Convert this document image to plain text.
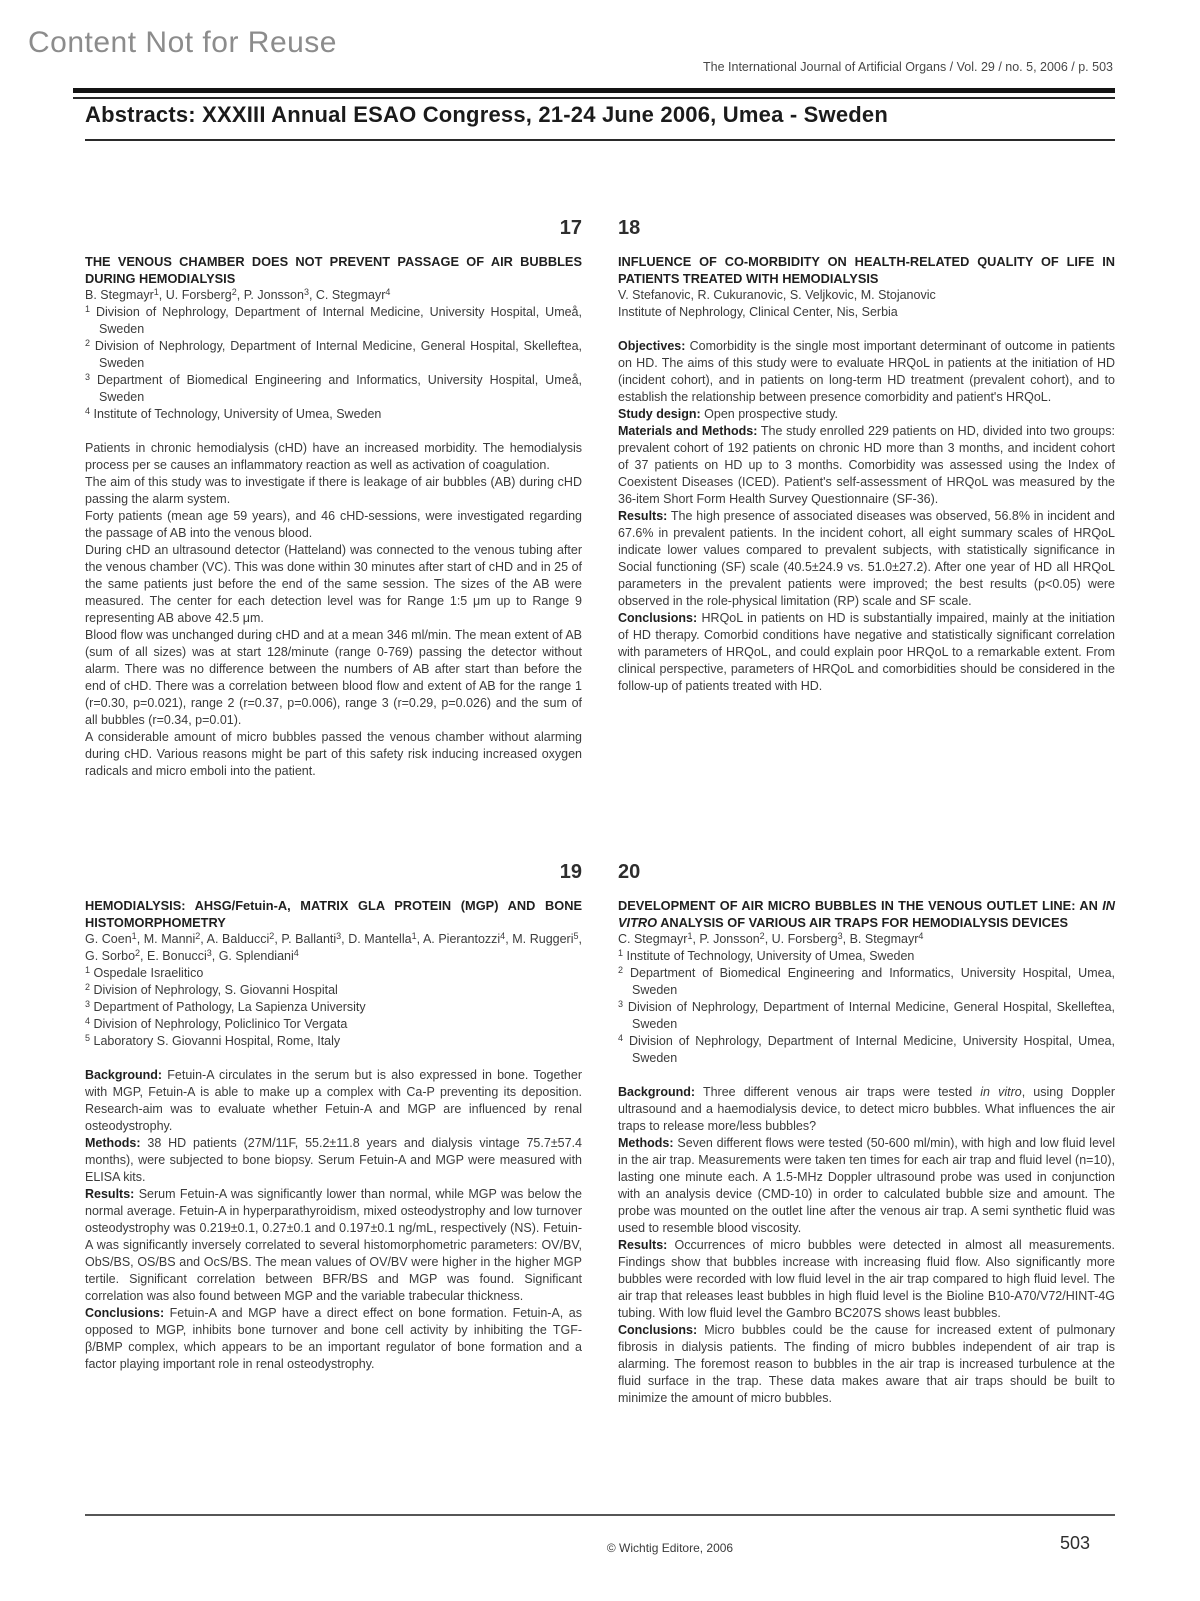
Content Not for Reuse
The International Journal of Artificial Organs / Vol. 29 / no. 5, 2006 / p. 503
Abstracts: XXXIII Annual ESAO Congress, 21-24 June 2006, Umea - Sweden
17
THE VENOUS CHAMBER DOES NOT PREVENT PASSAGE OF AIR BUBBLES DURING HEMODIALYSIS
B. Stegmayr$^1$, U. Forsberg$^2$, P. Jonsson$^3$, C. Stegmayr$^4$
$^1$ Division of Nephrology, Department of Internal Medicine, University Hospital, Umeå, Sweden
$^2$ Division of Nephrology, Department of Internal Medicine, General Hospital, Skelleftea, Sweden
$^3$ Department of Biomedical Engineering and Informatics, University Hospital, Umeå, Sweden
$^4$ Institute of Technology, University of Umea, Sweden

Patients in chronic hemodialysis (cHD) have an increased morbidity. The hemodialysis process per se causes an inflammatory reaction as well as activation of coagulation.

The aim of this study was to investigate if there is leakage of air bubbles (AB) during cHD passing the alarm system.

Forty patients (mean age 59 years), and 46 cHD-sessions, were investigated regarding the passage of AB into the venous blood.

During cHD an ultrasound detector (Hatteland) was connected to the venous tubing after the venous chamber (VC). This was done within 30 minutes after start of cHD and in 25 of the same patients just before the end of the same session. The sizes of the AB were measured. The center for each detection level was for Range 1:5 μm up to Range 9 representing AB above 42.5 μm.

Blood flow was unchanged during cHD and at a mean 346 ml/min. The mean extent of AB (sum of all sizes) was at start 128/minute (range 0-769) passing the detector without alarm. There was no difference between the numbers of AB after start than before the end of cHD. There was a correlation between blood flow and extent of AB for the range 1 (r=0.30, p=0.021), range 2 (r=0.37, p=0.006), range 3 (r=0.29, p=0.026) and the sum of all bubbles (r=0.34, p=0.01).

A considerable amount of micro bubbles passed the venous chamber without alarming during cHD. Various reasons might be part of this safety risk inducing increased oxygen radicals and micro emboli into the patient.

18
INFLUENCE OF CO-MORBIDITY ON HEALTH-RELATED QUALITY OF LIFE IN PATIENTS TREATED WITH HEMODIALYSIS
V. Stefanovic, R. Cukuranovic, S. Veljkovic, M. Stojanovic
Institute of Nephrology, Clinical Center, Nis, Serbia

Objectives: Comorbidity is the single most important determinant of outcome in patients on HD. The aims of this study were to evaluate HRQoL in patients at the initiation of HD (incident cohort), and in patients on long-term HD treatment (prevalent cohort), and to establish the relationship between presence comorbidity and patient's HRQoL.

Study design: Open prospective study.

Materials and Methods: The study enrolled 229 patients on HD, divided into two groups: prevalent cohort of 192 patients on chronic HD more than 3 months, and incident cohort of 37 patients on HD up to 3 months. Comorbidity was assessed using the Index of Coexistent Diseases (ICED). Patient's self-assessment of HRQoL was measured by the 36-item Short Form Health Survey Questionnaire (SF-36).

Results: The high presence of associated diseases was observed, 56.8% in incident and 67.6% in prevalent patients. In the incident cohort, all eight summary scales of HRQoL indicate lower values compared to prevalent subjects, with statistically significance in Social functioning (SF) scale (40.5±24.9 vs. 51.0±27.2). After one year of HD all HRQoL parameters in the prevalent patients were improved; the best results (p<0.05) were observed in the role-physical limitation (RP) scale and SF scale.

Conclusions: HRQoL in patients on HD is substantially impaired, mainly at the initiation of HD therapy. Comorbid conditions have negative and statistically significant correlation with parameters of HRQoL, and could explain poor HRQoL to a remarkable extent. From clinical perspective, parameters of HRQoL and comorbidities should be considered in the follow-up of patients treated with HD.

19
HEMODIALYSIS: AHSG/Fetuin-A, MATRIX GLA PROTEIN (MGP) AND BONE HISTOMORPHOMETRY
G. Coen$^1$, M. Manni$^2$, A. Balducci$^2$, P. Ballanti$^3$, D. Mantella$^1$, A. Pierantozzi$^4$, M. Ruggeri$^5$, G. Sorbo$^2$, E. Bonucci$^3$, G. Splendiani$^4$
$^1$ Ospedale Israelitico
$^2$ Division of Nephrology, S. Giovanni Hospital
$^3$ Department of Pathology, La Sapienza University
$^4$ Division of Nephrology, Policlinico Tor Vergata
$^5$ Laboratory S. Giovanni Hospital, Rome, Italy

Background: Fetuin-A circulates in the serum but is also expressed in bone. Together with MGP, Fetuin-A is able to make up a complex with Ca-P preventing its deposition. Research-aim was to evaluate whether Fetuin-A and MGP are influenced by renal osteodystrophy.

Methods: 38 HD patients (27M/11F, 55.2±11.8 years and dialysis vintage 75.7±57.4 months), were subjected to bone biopsy. Serum Fetuin-A and MGP were measured with ELISA kits.

Results: Serum Fetuin-A was significantly lower than normal, while MGP was below the normal average. Fetuin-A in hyperparathyroidism, mixed osteodystrophy and low turnover osteodystrophy was 0.219±0.1, 0.27±0.1 and 0.197±0.1 ng/mL, respectively (NS). Fetuin-A was significantly inversely correlated to several histomorphometric parameters: OV/BV, ObS/BS, OS/BS and OcS/BS. The mean values of OV/BV were higher in the higher MGP tertile. Significant correlation between BFR/BS and MGP was found. Significant correlation was also found between MGP and the variable trabecular thickness.

Conclusions: Fetuin-A and MGP have a direct effect on bone formation. Fetuin-A, as opposed to MGP, inhibits bone turnover and bone cell activity by inhibiting the TGF-β/BMP complex, which appears to be an important regulator of bone formation and a factor playing important role in renal osteodystrophy.

20
DEVELOPMENT OF AIR MICRO BUBBLES IN THE VENOUS OUTLET LINE: AN IN VITRO ANALYSIS OF VARIOUS AIR TRAPS FOR HEMODIALYSIS DEVICES
C. Stegmayr$^1$, P. Jonsson$^2$, U. Forsberg$^3$, B. Stegmayr$^4$
$^1$ Institute of Technology, University of Umea, Sweden
$^2$ Department of Biomedical Engineering and Informatics, University Hospital, Umea, Sweden
$^3$ Division of Nephrology, Department of Internal Medicine, General Hospital, Skelleftea, Sweden
$^4$ Division of Nephrology, Department of Internal Medicine, University Hospital, Umea, Sweden

Background: Three different venous air traps were tested in vitro, using Doppler ultrasound and a haemodialysis device, to detect micro bubbles. What influences the air traps to release more/less bubbles?

Methods: Seven different flows were tested (50-600 ml/min), with high and low fluid level in the air trap. Measurements were taken ten times for each air trap and fluid level (n=10), lasting one minute each. A 1.5-MHz Doppler ultrasound probe was used in conjunction with an analysis device (CMD-10) in order to calculated bubble size and amount. The probe was mounted on the outlet line after the venous air trap. A semi synthetic fluid was used to resemble blood viscosity.

Results: Occurrences of micro bubbles were detected in almost all measurements. Findings show that bubbles increase with increasing fluid flow. Also significantly more bubbles were recorded with low fluid level in the air trap compared to high fluid level. The air trap that releases least bubbles in high fluid level is the Bioline B10-A70/V72/HINT-4G tubing. With low fluid level the Gambro BC207S shows least bubbles.

Conclusions: Micro bubbles could be the cause for increased extent of pulmonary fibrosis in dialysis patients. The finding of micro bubbles independent of air trap is alarming. The foremost reason to bubbles in the air trap is increased turbulence at the fluid surface in the trap. These data makes aware that air traps should be built to minimize the amount of micro bubbles.

© Wichtig Editore, 2006	503
